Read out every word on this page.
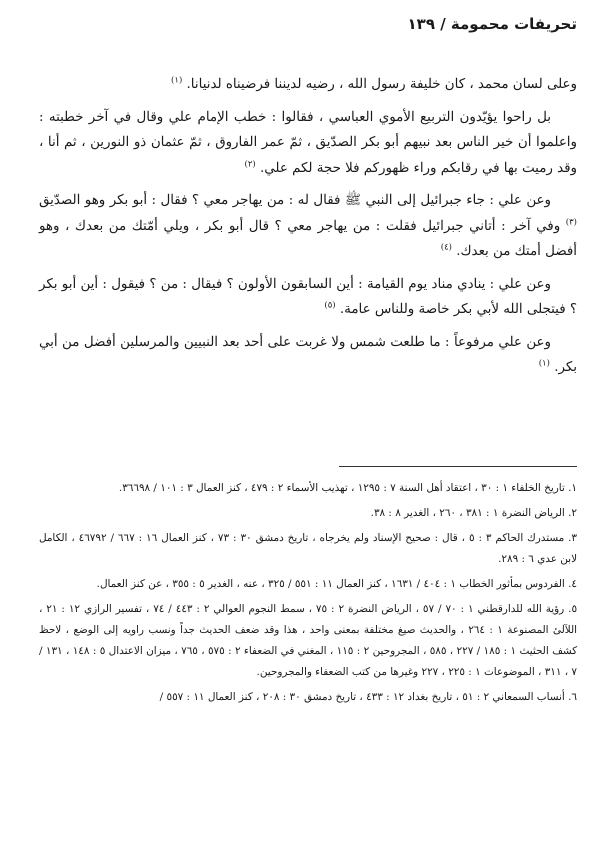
تحريفات محمومة / ١٣٩

وعلى لسان محمد ، كان خليفة رسول الله ، رضيه لديننا فرضيناه لدنيانا. $^{(١)}$

بل راحوا يؤيّدون التربيع الأموي العباسي ، فقالوا : خطب الإمام علي وقال في آخر خطبته : واعلموا أن خير الناس بعد نبيهم أبو بكر الصدّيق ، ثمّ عمر الفاروق ، ثمّ عثمان ذو النورين ، ثم أنا ، وقد رميت بها في رقابكم وراء ظهوركم فلا حجة لكم علي. $^{(٢)}$

وعن علي : جاء جبرائيل إلى النبي ﷺ فقال له : من يهاجر معي ؟ فقال : أبو بكر وهو الصدّيق $^{(٣)}$ وفي آخر : أتاني جبرائيل فقلت : من يهاجر معي ؟ قال أبو بكر ، ويلي أمّتك من بعدك ، وهو أفضل أمتك من بعدك. $^{(٤)}$

وعن علي : ينادي مناد يوم القيامة : أين السابقون الأولون ؟ فيقال : من ؟ فيقول : أين أبو بكر ؟ فيتجلى الله لأبي بكر خاصة وللناس عامة. $^{(٥)}$

وعن علي مرفوعاً : ما طلعت شمس ولا غربت على أحد بعد النبيين والمرسلين أفضل من أبي بكر. $^{(١)}$

١. تاريخ الخلفاء ١ : ٣٠ ، اعتقاد أهل السنة ٧ : ١٢٩٥ ، تهذيب الأسماء ٢ : ٤٧٩ ، كنز العمال ٣ : ١٠١ / ٣٦٦٩٨.

٢. الرياض النضرة ١ : ٣٨١ ، ٢٦٠ ، الغدير ٨ : ٣٨.

٣. مستدرك الحاكم ٣ : ٥ ، قال : صحيح الإسناد ولم يخرجاه ، تاريخ دمشق ٣٠ : ٧٣ ، كنز العمال ١٦ : ٦٦٧ / ٤٦٧٩٢ ، الكامل لابن عدي ٦ : ٢٨٩.

٤. الفردوس بمأثور الخطاب ١ : ٤٠٤ / ١٦٣١ ، كنز العمال ١١ : ٥٥١ / ٣٢٥ ، عنه ، الغدير ٥ : ٣٥٥ ، عن كنز العمال.

٥. رؤية الله للدارقطني ١ : ٧٠ / ٥٧ ، الرياض النضرة ٢ : ٧٥ ، سمط النجوم العوالي ٢ : ٤٤٣ / ٧٤ ، تفسير الرازي ١٢ : ٢١ ، اللآلئ المصنوعة ١ : ٢٦٤ ، والحديث صيغ مختلفة بمعنى واحد ، هذا وقد ضعف الحديث جداً ونسب راويه إلى الوضع ، لاحظ كشف الحثيث ١ : ١٨٥ / ٢٢٧ ، ٥٨٥ ، المجروحين ٢ : ١١٥ ، المغني في الضعفاء ٢ : ٥٧٥ ، ٧٦٥ ، ميزان الاعتدال ٥ : ١٤٨ ، ١٣١ / ٧ ، ٣١١ ، الموضوعات ١ : ٢٢٥ ، ٢٢٧ وغيرها من كتب الضعفاء والمجروحين.

٦. أنساب السمعاني ٢ : ٥١ ، تاريخ بغداد ١٢ : ٤٣٣ ، تاريخ دمشق ٣٠ : ٢٠٨ ، كنز العمال ١١ : ٥٥٧ /
